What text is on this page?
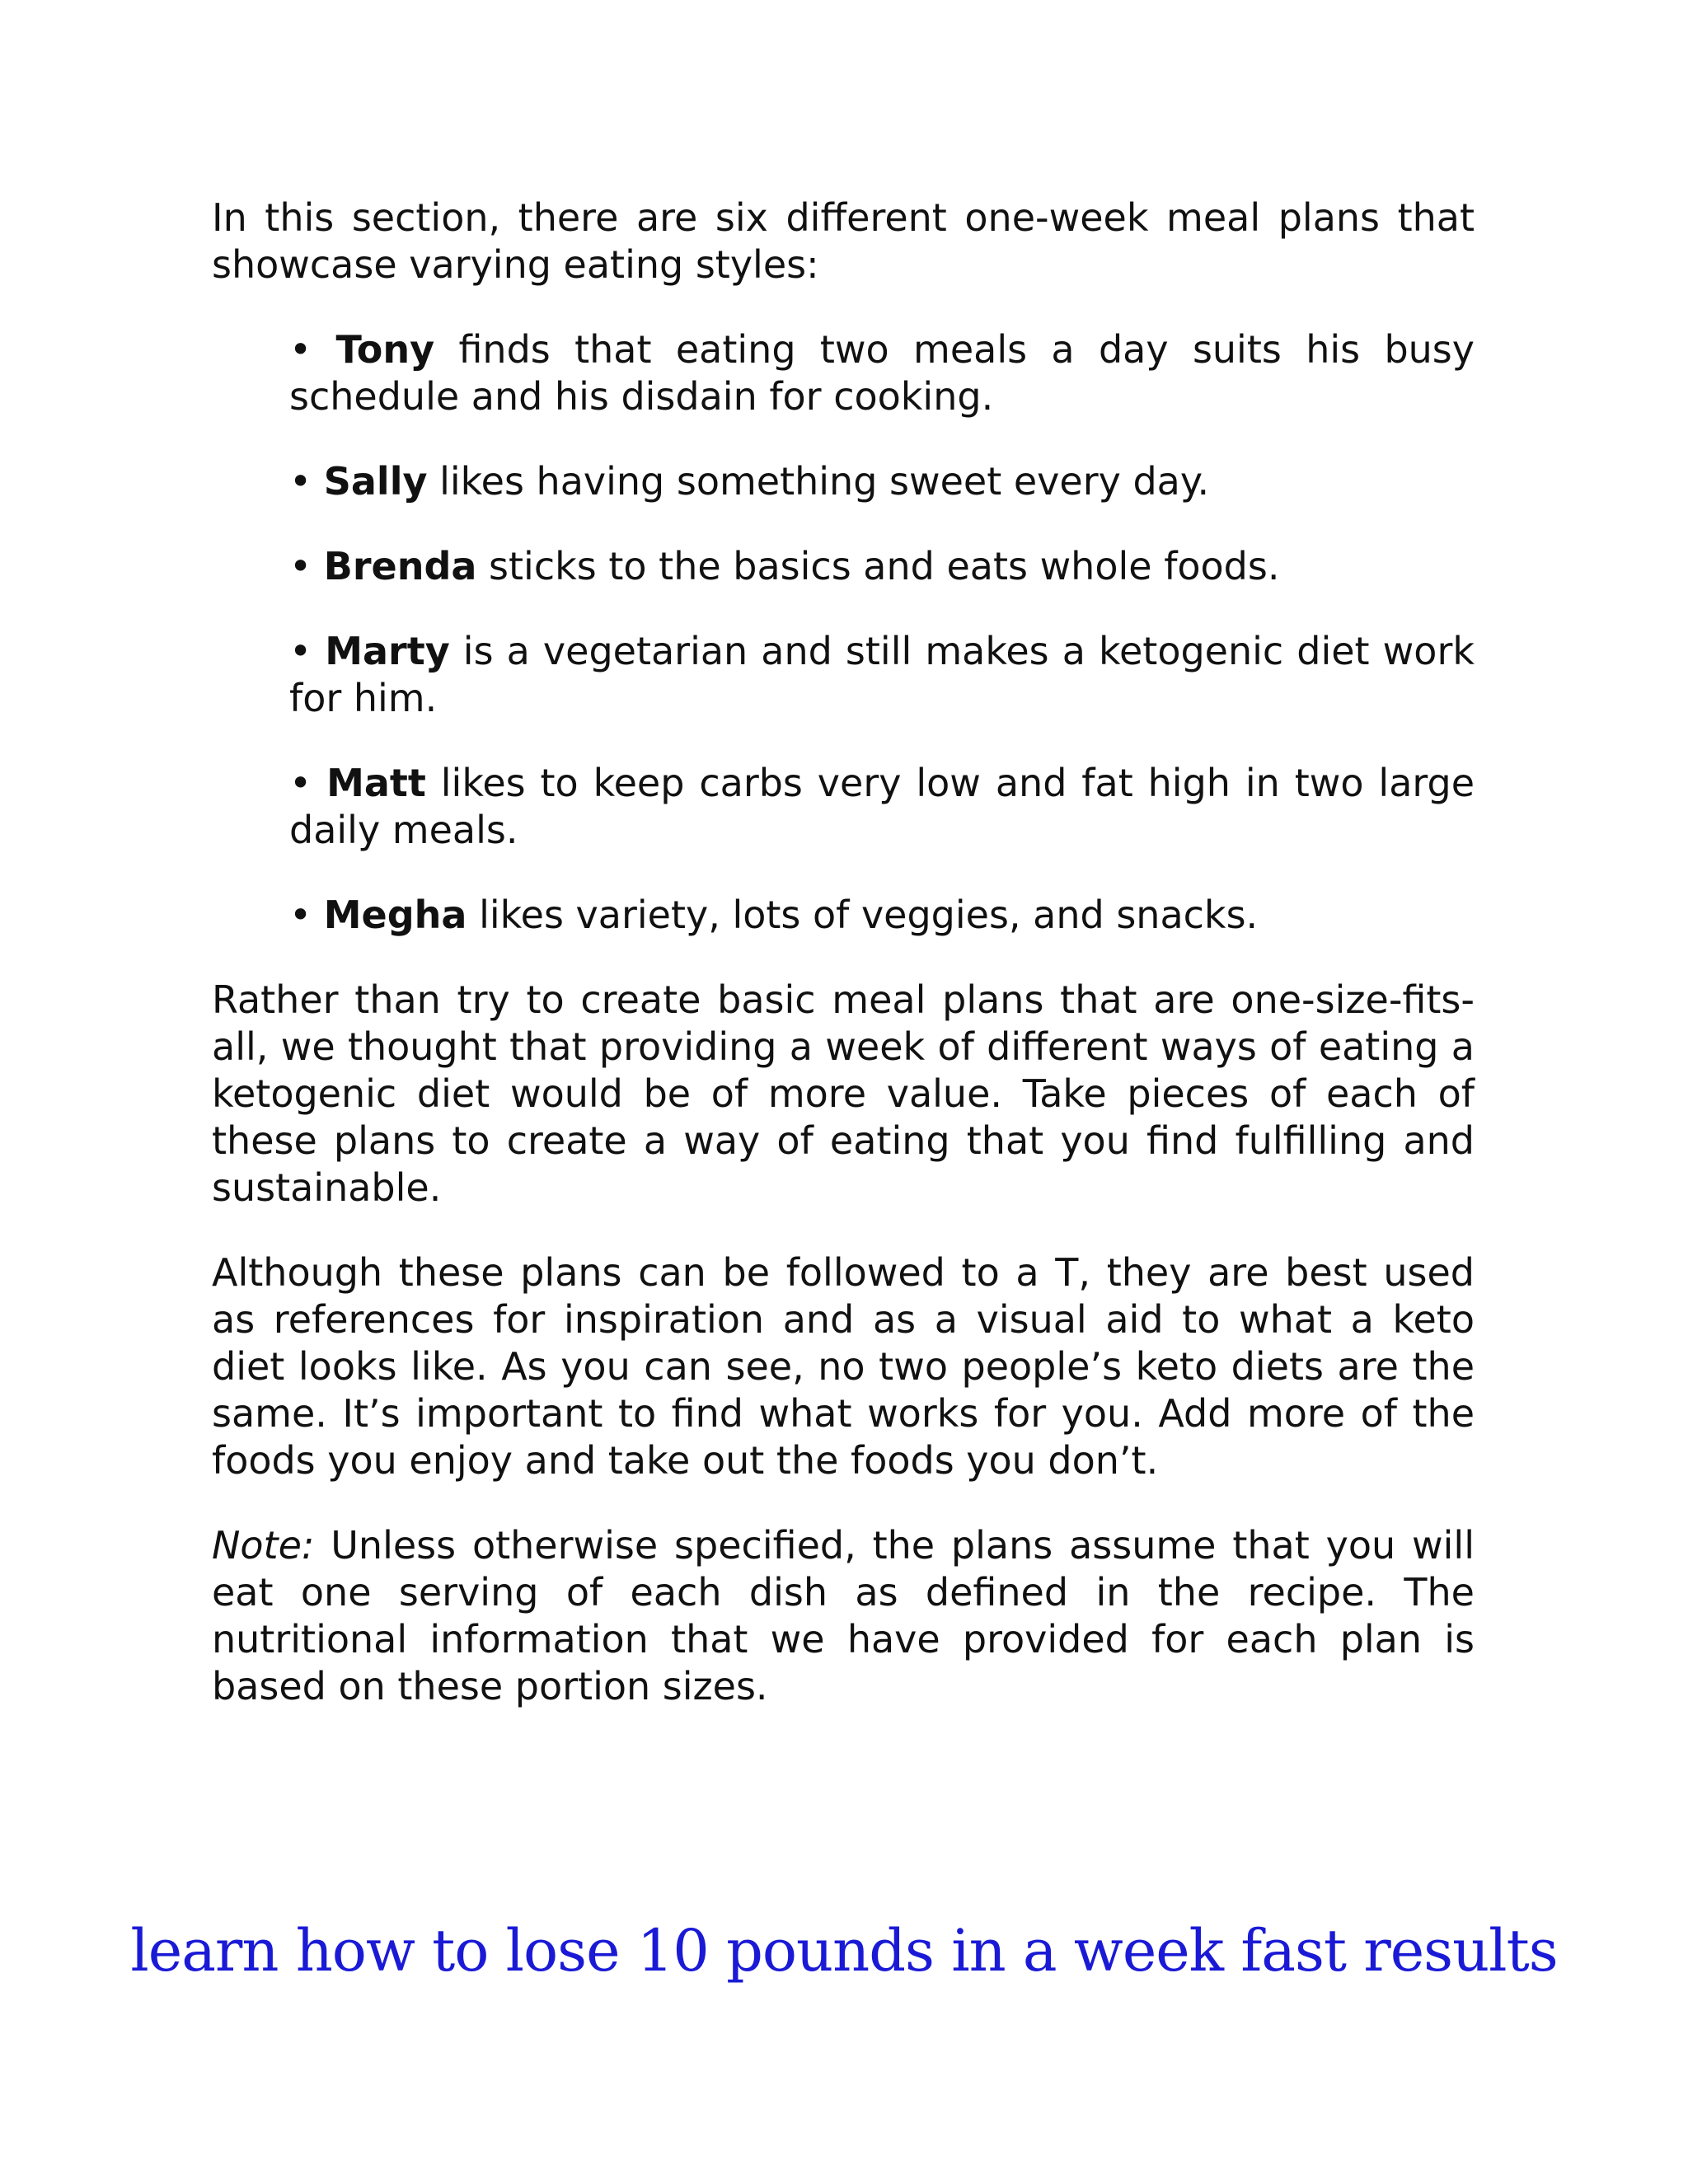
In this section, there are six different one-week meal plans that showcase varying eating styles:

• Tony finds that eating two meals a day suits his busy schedule and his disdain for cooking.
• Sally likes having something sweet every day.
• Brenda sticks to the basics and eats whole foods.
• Marty is a vegetarian and still makes a ketogenic diet work for him.
• Matt likes to keep carbs very low and fat high in two large daily meals.
• Megha likes variety, lots of veggies, and snacks.

Rather than try to create basic meal plans that are one-size-fits-all, we thought that providing a week of different ways of eating a ketogenic diet would be of more value. Take pieces of each of these plans to create a way of eating that you find fulfilling and sustainable.

Although these plans can be followed to a T, they are best used as references for inspiration and as a visual aid to what a keto diet looks like. As you can see, no two people’s keto diets are the same. It’s important to find what works for you. Add more of the foods you enjoy and take out the foods you don’t.

Note: Unless otherwise specified, the plans assume that you will eat one serving of each dish as defined in the recipe. The nutritional information that we have provided for each plan is based on these portion sizes.

learn how to lose 10 pounds in a week fast results
